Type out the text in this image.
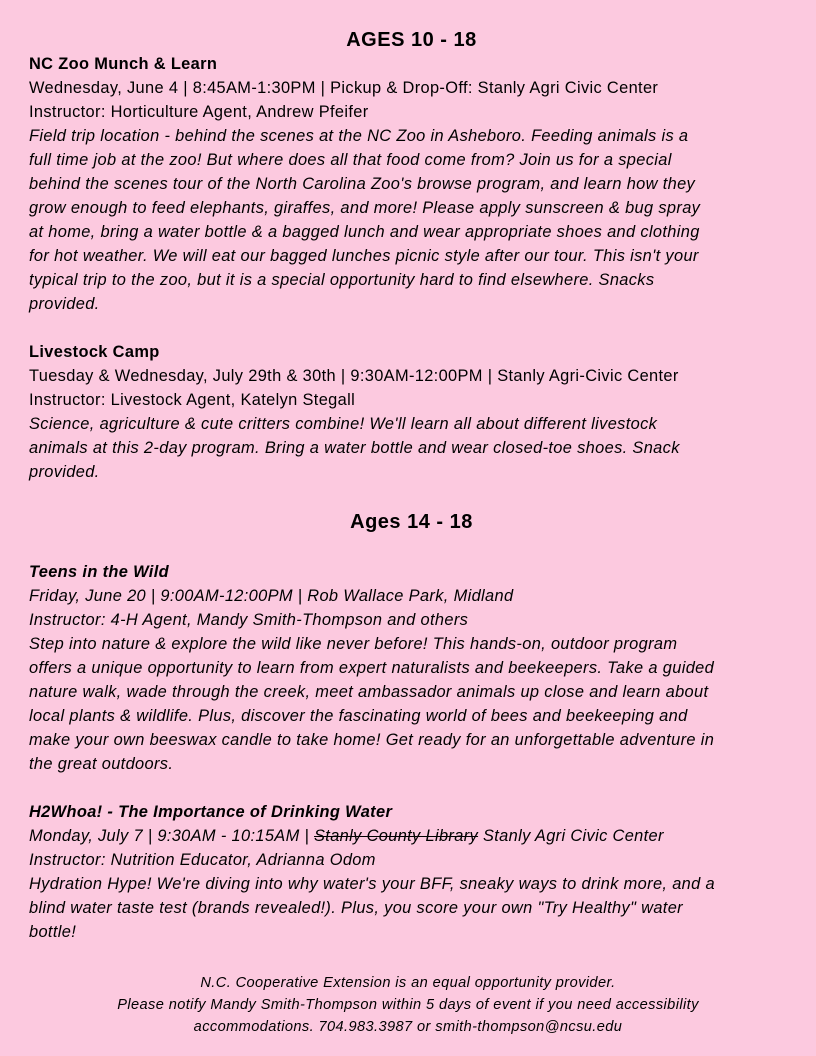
AGES 10 - 18
NC Zoo Munch & Learn
Wednesday, June 4 | 8:45AM-1:30PM | Pickup & Drop-Off: Stanly Agri Civic Center
Instructor: Horticulture Agent, Andrew Pfeifer
Field trip location - behind the scenes at the NC Zoo in Asheboro. Feeding animals is a
full time job at the zoo! But where does all that food come from? Join us for a special
behind the scenes tour of the North Carolina Zoo's browse program, and learn how they
grow enough to feed elephants, giraffes, and more! Please apply sunscreen & bug spray
at home, bring a water bottle & a bagged lunch and wear appropriate shoes and clothing
for hot weather. We will eat our bagged lunches picnic style after our tour. This isn't your
typical trip to the zoo, but it is a special opportunity hard to find elsewhere. Snacks
provided.
Livestock Camp
Tuesday & Wednesday, July 29th & 30th | 9:30AM-12:00PM | Stanly Agri-Civic Center
Instructor: Livestock Agent, Katelyn Stegall
Science, agriculture & cute critters combine! We'll learn all about different livestock
animals at this 2-day program. Bring a water bottle and wear closed-toe shoes. Snack
provided.
Ages 14 - 18
Teens in the Wild
Friday, June 20 | 9:00AM-12:00PM | Rob Wallace Park, Midland
Instructor: 4-H Agent, Mandy Smith-Thompson and others
Step into nature & explore the wild like never before! This hands-on, outdoor program
offers a unique opportunity to learn from expert naturalists and beekeepers. Take a guided
nature walk, wade through the creek, meet ambassador animals up close and learn about
local plants & wildlife. Plus, discover the fascinating world of bees and beekeeping and
make your own beeswax candle to take home! Get ready for an unforgettable adventure in
the great outdoors.
H2Whoa! - The Importance of Drinking Water
Monday, July 7 | 9:30AM - 10:15AM | Stanly County Library Stanly Agri Civic Center
Instructor: Nutrition Educator, Adrianna Odom
Hydration Hype! We're diving into why water's your BFF, sneaky ways to drink more, and a
blind water taste test (brands revealed!). Plus, you score your own "Try Healthy" water
bottle!
N.C. Cooperative Extension is an equal opportunity provider.
Please notify Mandy Smith-Thompson within 5 days of event if you need accessibility
accommodations. 704.983.3987 or smith-thompson@ncsu.edu
